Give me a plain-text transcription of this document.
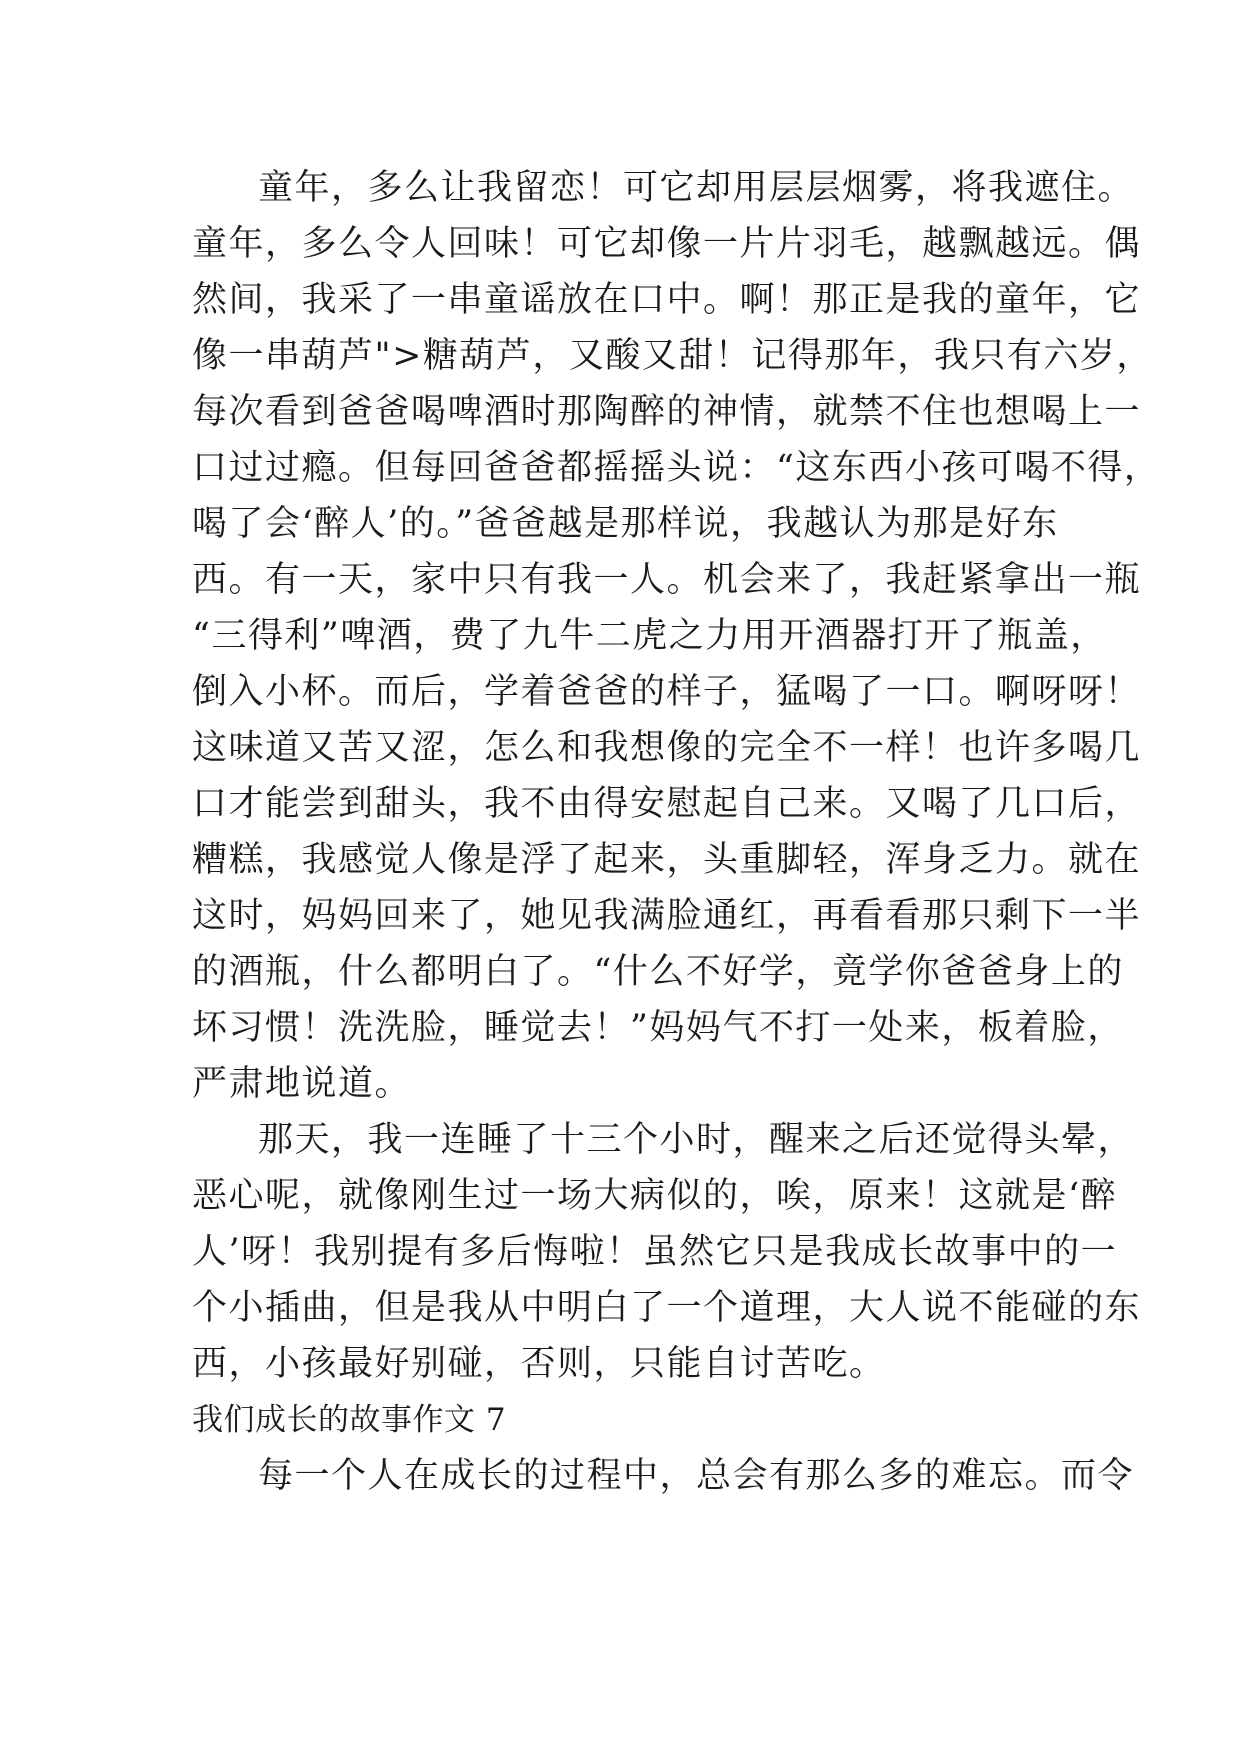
童年，多么让我留恋！可它却用层层烟雾，将我遮住。
童年，多么令人回味！可它却像一片片羽毛，越飘越远。偶
然间，我采了一串童谣放在口中。啊！那正是我的童年，它
像一串葫芦">糖葫芦，又酸又甜！记得那年，我只有六岁，
每次看到爸爸喝啤酒时那陶醉的神情，就禁不住也想喝上一
口过过瘾。但每回爸爸都摇摇头说：“这东西小孩可喝不得，
喝了会‘醉人’的。”爸爸越是那样说，我越认为那是好东
西。有一天，家中只有我一人。机会来了，我赶紧拿出一瓶
“三得利”啤酒，费了九牛二虎之力用开酒器打开了瓶盖，
倒入小杯。而后，学着爸爸的样子，猛喝了一口。啊呀呀！
这味道又苦又涩，怎么和我想像的完全不一样！也许多喝几
口才能尝到甜头，我不由得安慰起自己来。又喝了几口后，
糟糕，我感觉人像是浮了起来，头重脚轻，浑身乏力。就在
这时，妈妈回来了，她见我满脸通红，再看看那只剩下一半
的酒瓶，什么都明白了。“什么不好学，竟学你爸爸身上的
坏习惯！洗洗脸，睡觉去！”妈妈气不打一处来，板着脸，
严肃地说道。
那天，我一连睡了十三个小时，醒来之后还觉得头晕，
恶心呢，就像刚生过一场大病似的，唉，原来！这就是‘醉
人’呀！我别提有多后悔啦！虽然它只是我成长故事中的一
个小插曲，但是我从中明白了一个道理，大人说不能碰的东
西，小孩最好别碰，否则，只能自讨苦吃。
我们成长的故事作文 7
每一个人在成长的过程中，总会有那么多的难忘。而令
